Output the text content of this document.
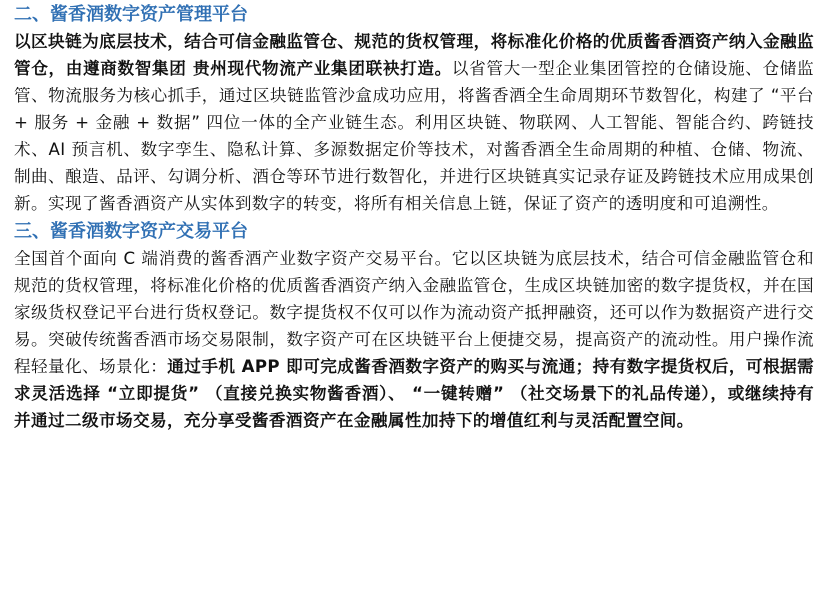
二、酱香酒数字资产管理平台

以区块链为底层技术，结合可信金融监管仓、规范的货权管理，将标准化价格的优质酱香酒资产纳入金融监管仓，由遵商数智集团 贵州现代物流产业集团联袂打造。以省管大一型企业集团管控的仓储设施、仓储监管、物流服务为核心抓手，通过区块链监管沙盒成功应用，将酱香酒全生命周期环节数智化，构建了 “平台 + 服务 + 金融 + 数据” 四位一体的全产业链生态。利用区块链、物联网、人工智能、智能合约、跨链技术、AI 预言机、数字孪生、隐私计算、多源数据定价等技术，对酱香酒全生命周期的种植、仓储、物流、制曲、酿造、品评、勾调分析、酒仓等环节进行数智化，并进行区块链真实记录存证及跨链技术应用成果创新。实现了酱香酒资产从实体到数字的转变，将所有相关信息上链，保证了资产的透明度和可追溯性。

三、酱香酒数字资产交易平台

全国首个面向 C 端消费的酱香酒产业数字资产交易平台。它以区块链为底层技术，结合可信金融监管仓和规范的货权管理，将标准化价格的优质酱香酒资产纳入金融监管仓，生成区块链加密的数字提货权，并在国家级货权登记平台进行货权登记。数字提货权不仅可以作为流动资产抵押融资，还可以作为数据资产进行交易。突破传统酱香酒市场交易限制，数字资产可在区块链平台上便捷交易，提高资产的流动性。用户操作流程轻量化、场景化：通过手机 APP 即可完成酱香酒数字资产的购买与流通；持有数字提货权后，可根据需求灵活选择 “立即提货” （直接兑换实物酱香酒）、 “一键转赠” （社交场景下的礼品传递），或继续持有并通过二级市场交易，充分享受酱香酒资产在金融属性加持下的增值红利与灵活配置空间。
